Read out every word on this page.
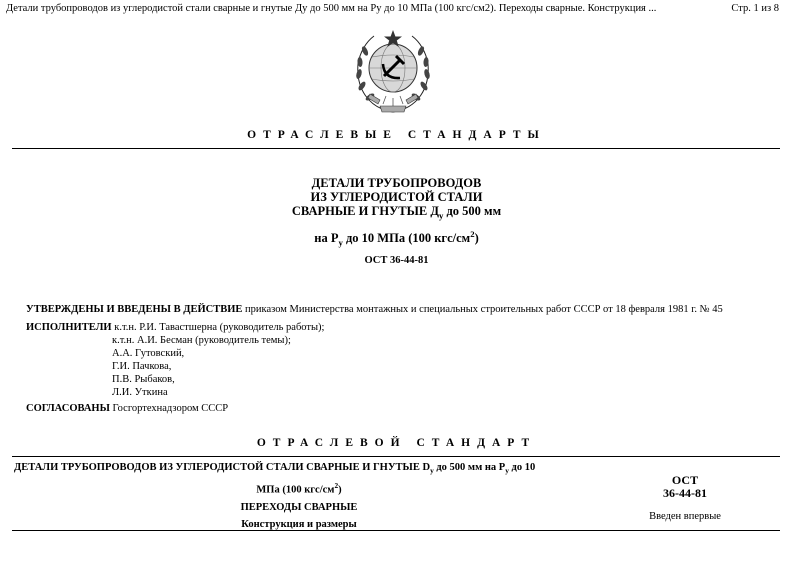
Детали трубопроводов из углеродистой стали сварные и гнутые Ду до 500 мм на Ру до 10 МПа (100 кгс/см2). Переходы сварные. Конструкция ...	Стр. 1 из 8
ОТРАСЛЕВЫЕ СТАНДАРТЫ
ДЕТАЛИ ТРУБОПРОВОДОВ
ИЗ УГЛЕРОДИСТОЙ СТАЛИ
СВАРНЫЕ И ГНУТЫЕ $Д_у$ до 500 мм
на $Р_у$ до 10 МПа (100 кгс/$см^2$)
ОСТ 36-44-81
УТВЕРЖДЕНЫ И ВВЕДЕНЫ В ДЕЙСТВИЕ приказом Министерства монтажных и специальных строительных работ СССР от 18 февраля 1981 г. № 45
ИСПОЛНИТЕЛИ к.т.н. Р.И. Тавастшерна (руководитель работы);
к.т.н. А.И. Бесман (руководитель темы);
А.А. Гутовский,
Г.И. Пачкова,
П.В. Рыбаков,
Л.И. Уткина
СОГЛАСОВАНЫ Госгортехнадзором СССР
ОТРАСЛЕВОЙ СТАНДАРТ
ДЕТАЛИ ТРУБОПРОВОДОВ ИЗ УГЛЕРОДИСТОЙ СТАЛИ СВАРНЫЕ И ГНУТЫЕ $D_у$ до 500 мм на $Р_у$ до 10
МПа (100 кгс/$см^2$)
ПЕРЕХОДЫ СВАРНЫЕ
Конструкция и размеры
ОСТ
36-44-81
Введен впервые
